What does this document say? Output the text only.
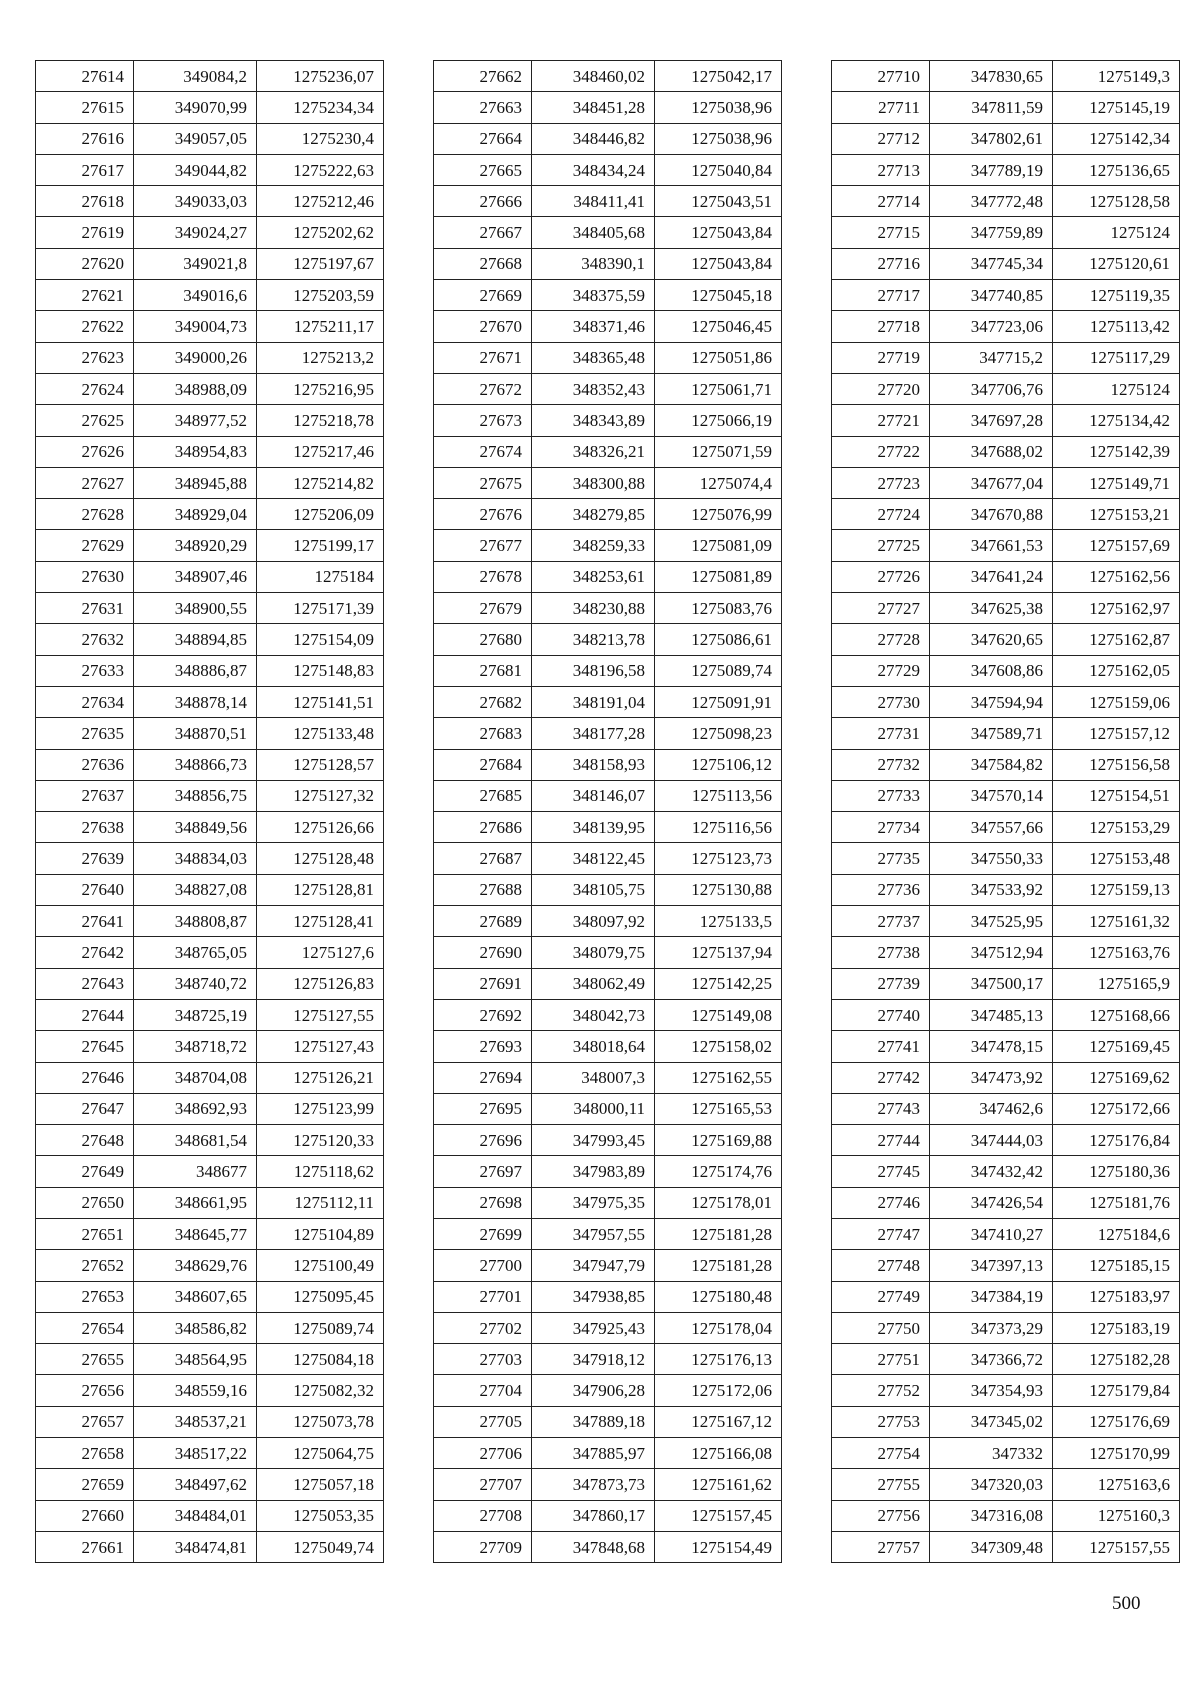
27614	349084,2	1275236,07
27615	349070,99	1275234,34
27616	349057,05	1275230,4
27617	349044,82	1275222,63
27618	349033,03	1275212,46
27619	349024,27	1275202,62
27620	349021,8	1275197,67
27621	349016,6	1275203,59
27622	349004,73	1275211,17
27623	349000,26	1275213,2
27624	348988,09	1275216,95
27625	348977,52	1275218,78
27626	348954,83	1275217,46
27627	348945,88	1275214,82
27628	348929,04	1275206,09
27629	348920,29	1275199,17
27630	348907,46	1275184
27631	348900,55	1275171,39
27632	348894,85	1275154,09
27633	348886,87	1275148,83
27634	348878,14	1275141,51
27635	348870,51	1275133,48
27636	348866,73	1275128,57
27637	348856,75	1275127,32
27638	348849,56	1275126,66
27639	348834,03	1275128,48
27640	348827,08	1275128,81
27641	348808,87	1275128,41
27642	348765,05	1275127,6
27643	348740,72	1275126,83
27644	348725,19	1275127,55
27645	348718,72	1275127,43
27646	348704,08	1275126,21
27647	348692,93	1275123,99
27648	348681,54	1275120,33
27649	348677	1275118,62
27650	348661,95	1275112,11
27651	348645,77	1275104,89
27652	348629,76	1275100,49
27653	348607,65	1275095,45
27654	348586,82	1275089,74
27655	348564,95	1275084,18
27656	348559,16	1275082,32
27657	348537,21	1275073,78
27658	348517,22	1275064,75
27659	348497,62	1275057,18
27660	348484,01	1275053,35
27661	348474,81	1275049,74
27662	348460,02	1275042,17
27663	348451,28	1275038,96
27664	348446,82	1275038,96
27665	348434,24	1275040,84
27666	348411,41	1275043,51
27667	348405,68	1275043,84
27668	348390,1	1275043,84
27669	348375,59	1275045,18
27670	348371,46	1275046,45
27671	348365,48	1275051,86
27672	348352,43	1275061,71
27673	348343,89	1275066,19
27674	348326,21	1275071,59
27675	348300,88	1275074,4
27676	348279,85	1275076,99
27677	348259,33	1275081,09
27678	348253,61	1275081,89
27679	348230,88	1275083,76
27680	348213,78	1275086,61
27681	348196,58	1275089,74
27682	348191,04	1275091,91
27683	348177,28	1275098,23
27684	348158,93	1275106,12
27685	348146,07	1275113,56
27686	348139,95	1275116,56
27687	348122,45	1275123,73
27688	348105,75	1275130,88
27689	348097,92	1275133,5
27690	348079,75	1275137,94
27691	348062,49	1275142,25
27692	348042,73	1275149,08
27693	348018,64	1275158,02
27694	348007,3	1275162,55
27695	348000,11	1275165,53
27696	347993,45	1275169,88
27697	347983,89	1275174,76
27698	347975,35	1275178,01
27699	347957,55	1275181,28
27700	347947,79	1275181,28
27701	347938,85	1275180,48
27702	347925,43	1275178,04
27703	347918,12	1275176,13
27704	347906,28	1275172,06
27705	347889,18	1275167,12
27706	347885,97	1275166,08
27707	347873,73	1275161,62
27708	347860,17	1275157,45
27709	347848,68	1275154,49
27710	347830,65	1275149,3
27711	347811,59	1275145,19
27712	347802,61	1275142,34
27713	347789,19	1275136,65
27714	347772,48	1275128,58
27715	347759,89	1275124
27716	347745,34	1275120,61
27717	347740,85	1275119,35
27718	347723,06	1275113,42
27719	347715,2	1275117,29
27720	347706,76	1275124
27721	347697,28	1275134,42
27722	347688,02	1275142,39
27723	347677,04	1275149,71
27724	347670,88	1275153,21
27725	347661,53	1275157,69
27726	347641,24	1275162,56
27727	347625,38	1275162,97
27728	347620,65	1275162,87
27729	347608,86	1275162,05
27730	347594,94	1275159,06
27731	347589,71	1275157,12
27732	347584,82	1275156,58
27733	347570,14	1275154,51
27734	347557,66	1275153,29
27735	347550,33	1275153,48
27736	347533,92	1275159,13
27737	347525,95	1275161,32
27738	347512,94	1275163,76
27739	347500,17	1275165,9
27740	347485,13	1275168,66
27741	347478,15	1275169,45
27742	347473,92	1275169,62
27743	347462,6	1275172,66
27744	347444,03	1275176,84
27745	347432,42	1275180,36
27746	347426,54	1275181,76
27747	347410,27	1275184,6
27748	347397,13	1275185,15
27749	347384,19	1275183,97
27750	347373,29	1275183,19
27751	347366,72	1275182,28
27752	347354,93	1275179,84
27753	347345,02	1275176,69
27754	347332	1275170,99
27755	347320,03	1275163,6
27756	347316,08	1275160,3
27757	347309,48	1275157,55
500
